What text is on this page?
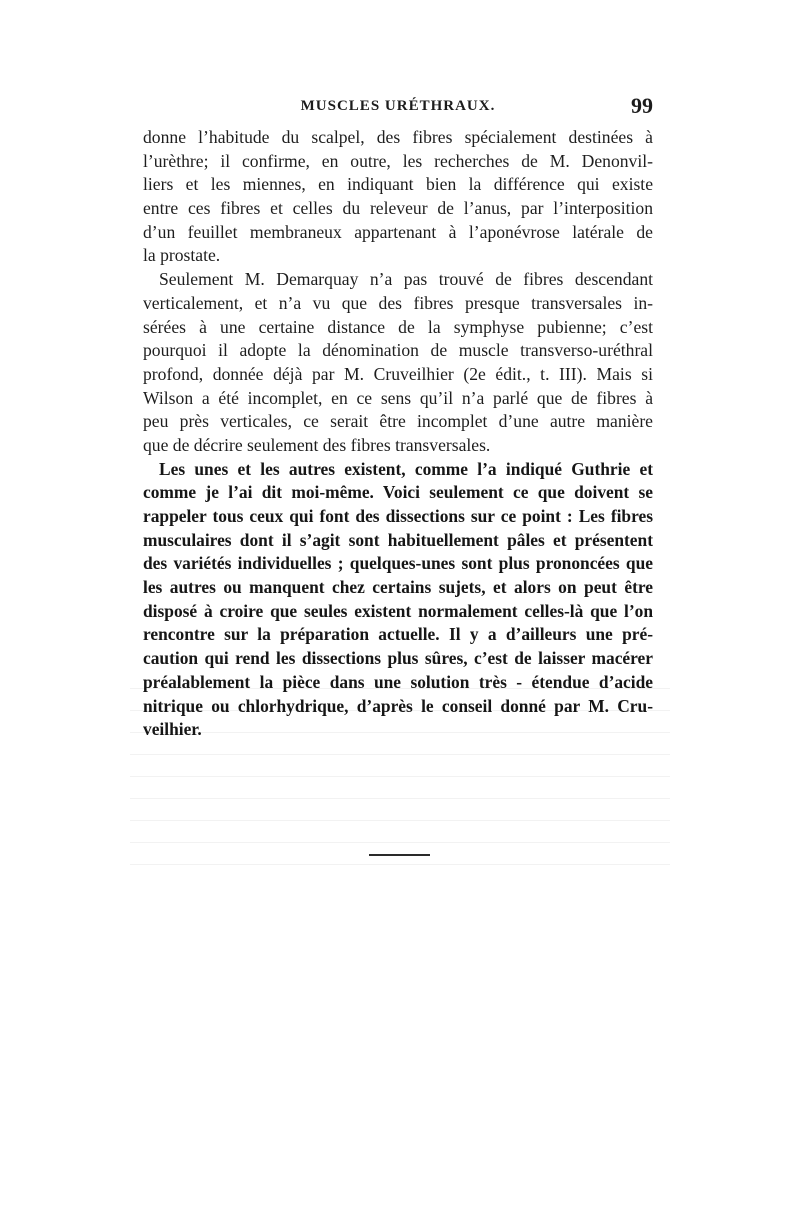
MUSCLES URÉTHRAUX.	99
donne l’habitude du scalpel, des fibres spécialement destinées à
l’urèthre; il confirme, en outre, les recherches de M. Denonvil-
liers et les miennes, en indiquant bien la différence qui existe
entre ces fibres et celles du releveur de l’anus, par l’interposition
d’un feuillet membraneux appartenant à l’aponévrose latérale de
la prostate.
Seulement M. Demarquay n’a pas trouvé de fibres descendant
verticalement, et n’a vu que des fibres presque transversales in-
sérées à une certaine distance de la symphyse pubienne; c’est
pourquoi il adopte la dénomination de muscle transverso-uréthral
profond, donnée déjà par M. Cruveilhier (2e édit., t. III). Mais si
Wilson a été incomplet, en ce sens qu’il n’a parlé que de fibres à
peu près verticales, ce serait être incomplet d’une autre manière
que de décrire seulement des fibres transversales.
Les unes et les autres existent, comme l’a indiqué Guthrie et
comme je l’ai dit moi-même. Voici seulement ce que doivent se
rappeler tous ceux qui font des dissections sur ce point : Les fibres
musculaires dont il s’agit sont habituellement pâles et présentent
des variétés individuelles ; quelques-unes sont plus prononcées que
les autres ou manquent chez certains sujets, et alors on peut être
disposé à croire que seules existent normalement celles-là que l’on
rencontre sur la préparation actuelle. Il y a d’ailleurs une pré-
caution qui rend les dissections plus sûres, c’est de laisser macérer
préalablement la pièce dans une solution très - étendue d’acide
nitrique ou chlorhydrique, d’après le conseil donné par M. Cru-
veilhier.
